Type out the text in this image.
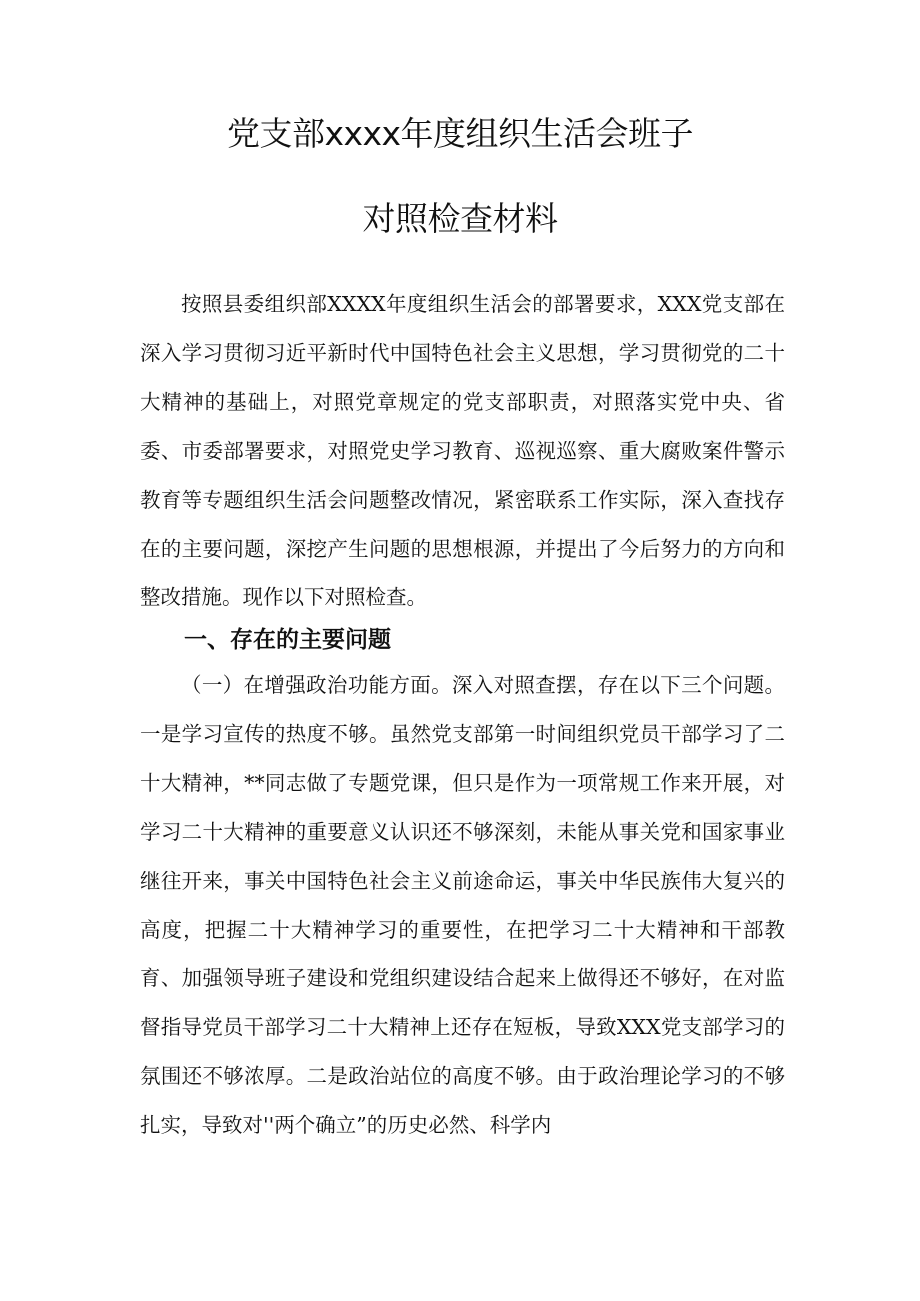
党支部xxxx年度组织生活会班子
对照检查材料

按照县委组织部XXXX年度组织生活会的部署要求，XXX党支部在深入学习贯彻习近平新时代中国特色社会主义思想，学习贯彻党的二十大精神的基础上，对照党章规定的党支部职责，对照落实党中央、省委、市委部署要求，对照党史学习教育、巡视巡察、重大腐败案件警示教育等专题组织生活会问题整改情况，紧密联系工作实际，深入查找存在的主要问题，深挖产生问题的思想根源，并提出了今后努力的方向和整改措施。现作以下对照检查。

一、存在的主要问题

（一）在增强政治功能方面。深入对照查摆，存在以下三个问题。一是学习宣传的热度不够。虽然党支部第一时间组织党员干部学习了二十大精神，**同志做了专题党课，但只是作为一项常规工作来开展，对学习二十大精神的重要意义认识还不够深刻，未能从事关党和国家事业继往开来，事关中国特色社会主义前途命运，事关中华民族伟大复兴的高度，把握二十大精神学习的重要性，在把学习二十大精神和干部教育、加强领导班子建设和党组织建设结合起来上做得还不够好，在对监督指导党员干部学习二十大精神上还存在短板，导致XXX党支部学习的氛围还不够浓厚。二是政治站位的高度不够。由于政治理论学习的不够扎实，导致对''两个确立”的历史必然、科学内
